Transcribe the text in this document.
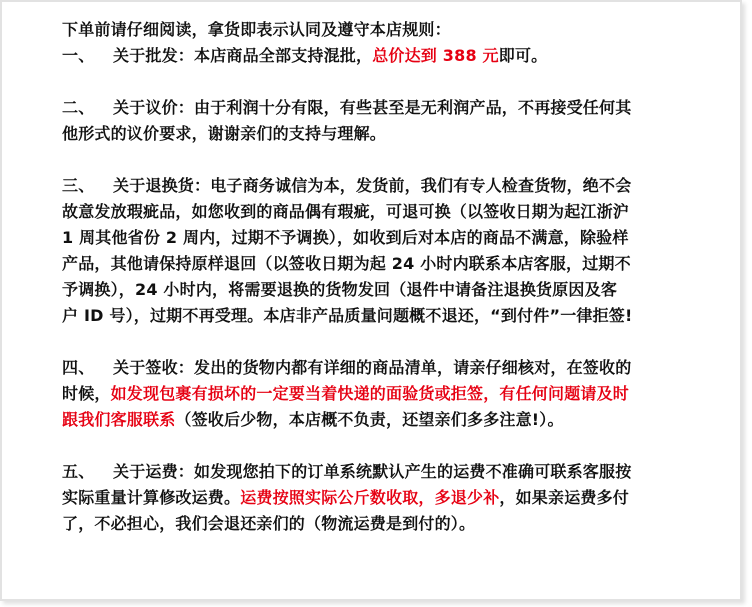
下单前请仔细阅读，拿货即表示认同及遵守本店规则：
一、 关于批发：本店商品全部支持混批，总价达到 388 元即可。
二、 关于议价：由于利润十分有限，有些甚至是无利润产品，不再接受任何其
他形式的议价要求，谢谢亲们的支持与理解。
三、 关于退换货：电子商务诚信为本，发货前，我们有专人检查货物，绝不会
故意发放瑕疵品，如您收到的商品偶有瑕疵，可退可换（以签收日期为起江浙沪
1 周其他省份 2 周内，过期不予调换），如收到后对本店的商品不满意，除验样
产品，其他请保持原样退回（以签收日期为起 24 小时内联系本店客服，过期不
予调换），24 小时内，将需要退换的货物发回（退件中请备注退换货原因及客
户 ID 号），过期不再受理。本店非产品质量问题概不退还，“到付件”一律拒签!
四、 关于签收：发出的货物内都有详细的商品清单，请亲仔细核对，在签收的
时候，如发现包裹有损坏的一定要当着快递的面验货或拒签，有任何问题请及时
跟我们客服联系（签收后少物，本店概不负责，还望亲们多多注意!）。
五、 关于运费：如发现您拍下的订单系统默认产生的运费不准确可联系客服按
实际重量计算修改运费。运费按照实际公斤数收取，多退少补，如果亲运费多付
了，不必担心，我们会退还亲们的（物流运费是到付的）。
